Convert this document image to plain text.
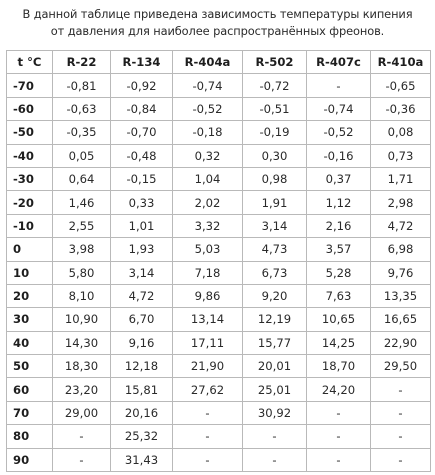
В данной таблице приведена зависимость температуры кипения
от давления для наиболее распространённых фреонов.
t °C	R-22	R-134	R-404a	R-502	R-407c	R-410a
-70	-0,81	-0,92	-0,74	-0,72	-	-0,65
-60	-0,63	-0,84	-0,52	-0,51	-0,74	-0,36
-50	-0,35	-0,70	-0,18	-0,19	-0,52	0,08
-40	0,05	-0,48	0,32	0,30	-0,16	0,73
-30	0,64	-0,15	1,04	0,98	0,37	1,71
-20	1,46	0,33	2,02	1,91	1,12	2,98
-10	2,55	1,01	3,32	3,14	2,16	4,72
0	3,98	1,93	5,03	4,73	3,57	6,98
10	5,80	3,14	7,18	6,73	5,28	9,76
20	8,10	4,72	9,86	9,20	7,63	13,35
30	10,90	6,70	13,14	12,19	10,65	16,65
40	14,30	9,16	17,11	15,77	14,25	22,90
50	18,30	12,18	21,90	20,01	18,70	29,50
60	23,20	15,81	27,62	25,01	24,20	-
70	29,00	20,16	-	30,92	-	-
80	-	25,32	-	-	-	-
90	-	31,43	-	-	-	-
